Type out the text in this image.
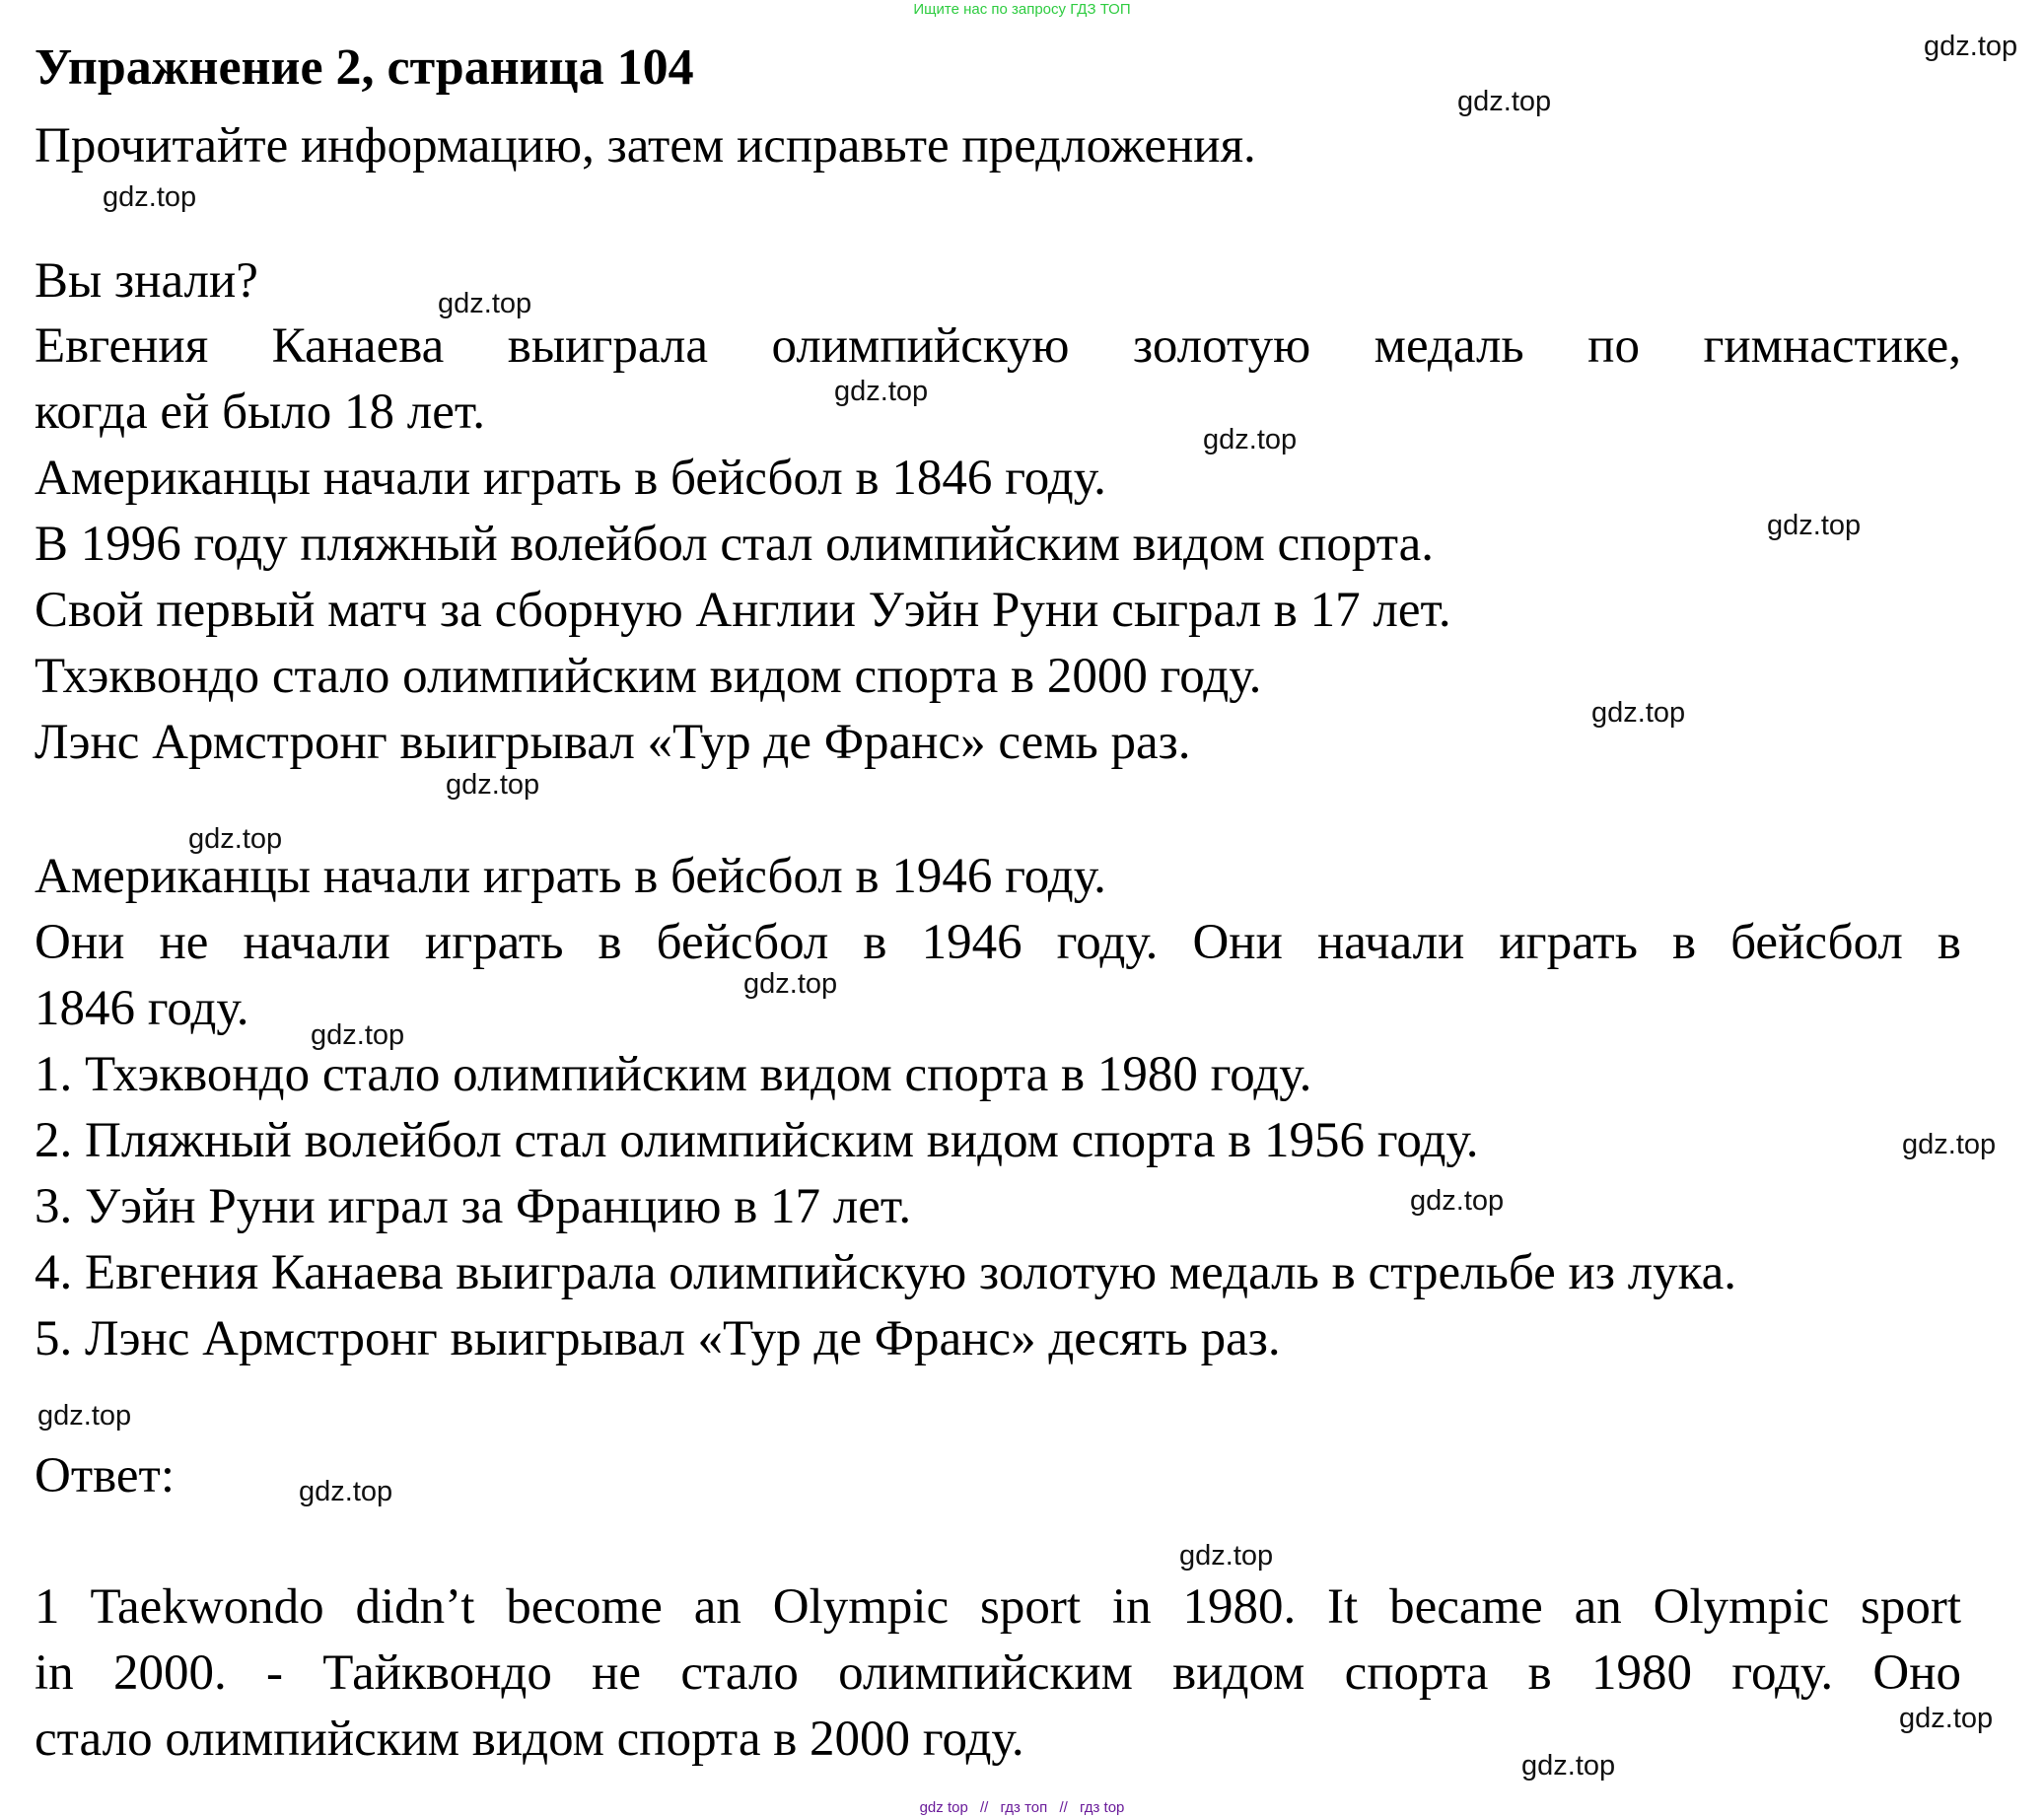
Ищите нас по запросу ГДЗ ТОП
Упражнение 2, страница 104
Прочитайте информацию, затем исправьте предложения.
Вы знали?
Евгения Канаева выиграла олимпийскую золотую медаль по гимнастике,
когда ей было 18 лет.
Американцы начали играть в бейсбол в 1846 году.
В 1996 году пляжный волейбол стал олимпийским видом спорта.
Свой первый матч за сборную Англии Уэйн Руни сыграл в 17 лет.
Тхэквондо стало олимпийским видом спорта в 2000 году.
Лэнс Армстронг выигрывал «Тур де Франс» семь раз.
Американцы начали играть в бейсбол в 1946 году.
Они не начали играть в бейсбол в 1946 году. Они начали играть в бейсбол в
1846 году.
1. Тхэквондо стало олимпийским видом спорта в 1980 году.
2. Пляжный волейбол стал олимпийским видом спорта в 1956 году.
3. Уэйн Руни играл за Францию в 17 лет.
4. Евгения Канаева выиграла олимпийскую золотую медаль в стрельбе из лука.
5. Лэнс Армстронг выигрывал «Тур де Франс» десять раз.
Ответ:
1 Taekwondo didn’t become an Olympic sport in 1980. It became an Olympic sport
in 2000. - Тайквондо не стало олимпийским видом спорта в 1980 году. Оно
стало олимпийским видом спорта в 2000 году.
gdz.top
gdz.top
gdz.top
gdz.top
gdz.top
gdz.top
gdz.top
gdz.top
gdz.top
gdz.top
gdz.top
gdz.top
gdz.top
gdz.top
gdz.top
gdz.top
gdz.top
gdz.top
gdz.top
gdz top // гдз топ // гдз top
